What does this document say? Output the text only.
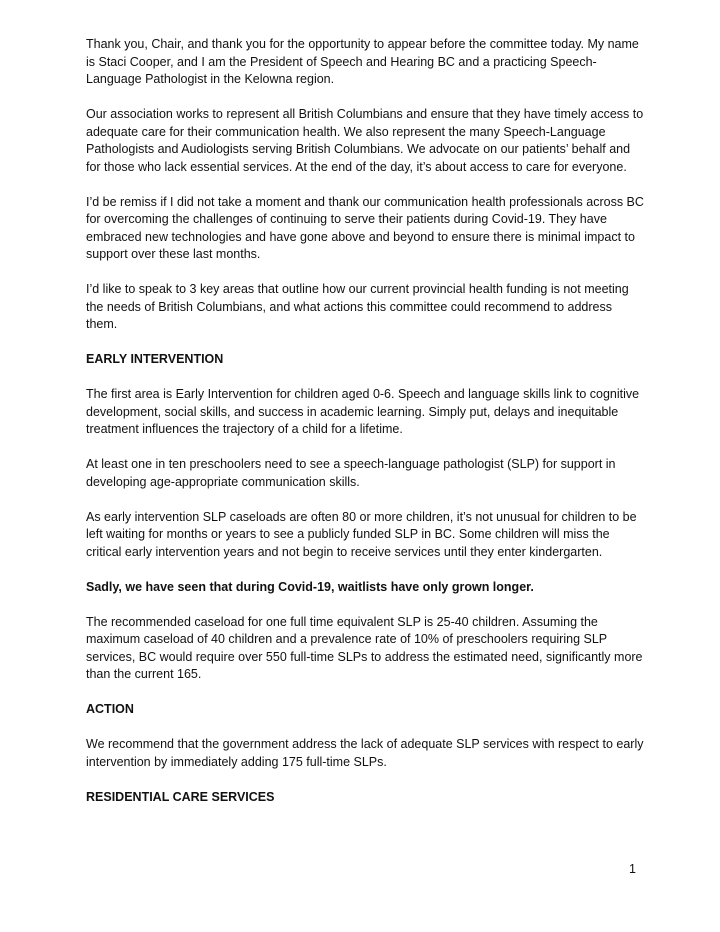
Thank you, Chair, and thank you for the opportunity to appear before the committee today. My name is Staci Cooper, and I am the President of Speech and Hearing BC and a practicing Speech-Language Pathologist in the Kelowna region.

Our association works to represent all British Columbians and ensure that they have timely access to adequate care for their communication health. We also represent the many Speech-Language Pathologists and Audiologists serving British Columbians. We advocate on our patients’ behalf and for those who lack essential services. At the end of the day, it’s about access to care for everyone.

I’d be remiss if I did not take a moment and thank our communication health professionals across BC for overcoming the challenges of continuing to serve their patients during Covid-19. They have embraced new technologies and have gone above and beyond to ensure there is minimal impact to support over these last months.

I’d like to speak to 3 key areas that outline how our current provincial health funding is not meeting the needs of British Columbians, and what actions this committee could recommend to address them.

EARLY INTERVENTION

The first area is Early Intervention for children aged 0-6. Speech and language skills link to cognitive development, social skills, and success in academic learning. Simply put, delays and inequitable treatment influences the trajectory of a child for a lifetime.

At least one in ten preschoolers need to see a speech-language pathologist (SLP) for support in developing age-appropriate communication skills.

As early intervention SLP caseloads are often 80 or more children, it’s not unusual for children to be left waiting for months or years to see a publicly funded SLP in BC. Some children will miss the critical early intervention years and not begin to receive services until they enter kindergarten.

Sadly, we have seen that during Covid-19, waitlists have only grown longer.

The recommended caseload for one full time equivalent SLP is 25-40 children. Assuming the maximum caseload of 40 children and a prevalence rate of 10% of preschoolers requiring SLP services, BC would require over 550 full-time SLPs to address the estimated need, significantly more than the current 165.

ACTION

We recommend that the government address the lack of adequate SLP services with respect to early intervention by immediately adding 175 full-time SLPs.

RESIDENTIAL CARE SERVICES

1
